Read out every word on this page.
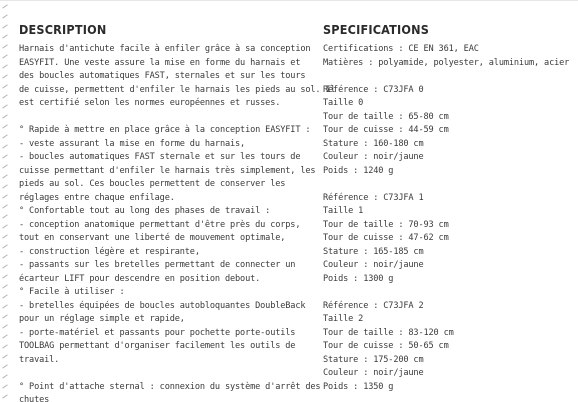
DESCRIPTION
Harnais d'antichute facile à enfiler grâce à sa conception
EASYFIT. Une veste assure la mise en forme du harnais et
des boucles automatiques FAST, sternales et sur les tours
de cuisse, permettent d'enfiler le harnais les pieds au sol. Il
est certifié selon les normes européennes et russes.
° Rapide à mettre en place grâce à la conception EASYFIT :
- veste assurant la mise en forme du harnais,
- boucles automatiques FAST sternale et sur les tours de
cuisse permettant d'enfiler le harnais très simplement, les
pieds au sol. Ces boucles permettent de conserver les
réglages entre chaque enfilage.
° Confortable tout au long des phases de travail :
- conception anatomique permettant d'être près du corps,
tout en conservant une liberté de mouvement optimale,
- construction légère et respirante,
- passants sur les bretelles permettant de connecter un
écarteur LIFT pour descendre en position debout.
° Facile à utiliser :
- bretelles équipées de boucles autobloquantes DoubleBack
pour un réglage simple et rapide,
- porte-matériel et passants pour pochette porte-outils
TOOLBAG permettant d'organiser facilement les outils de
travail.
° Point d'attache sternal : connexion du système d'arrêt des
chutes
SPECIFICATIONS
Certifications : CE EN 361, EAC
Matières : polyamide, polyester, aluminium, acier
Référence : C73JFA 0
Taille 0
Tour de taille : 65-80 cm
Tour de cuisse : 44-59 cm
Stature : 160-180 cm
Couleur : noir/jaune
Poids : 1240 g
Référence : C73JFA 1
Taille 1
Tour de taille : 70-93 cm
Tour de cuisse : 47-62 cm
Stature : 165-185 cm
Couleur : noir/jaune
Poids : 1300 g
Référence : C73JFA 2
Taille 2
Tour de taille : 83-120 cm
Tour de cuisse : 50-65 cm
Stature : 175-200 cm
Couleur : noir/jaune
Poids : 1350 g
